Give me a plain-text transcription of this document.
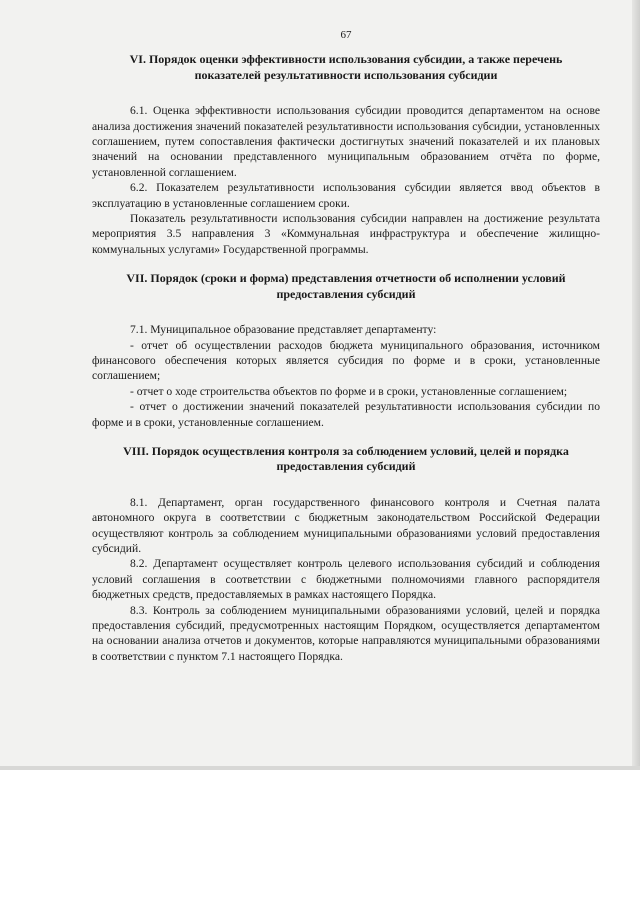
67
VI. Порядок оценки эффективности использования субсидии, а также перечень показателей результативности использования субсидии

6.1. Оценка эффективности использования субсидии проводится департаментом на основе анализа достижения значений показателей результативности использования субсидии, установленных соглашением, путем сопоставления фактически достигнутых значений показателей и их плановых значений на основании представленного муниципальным образованием отчёта по форме, установленной соглашением.

6.2. Показателем результативности использования субсидии является ввод объектов в эксплуатацию в установленные соглашением сроки.

Показатель результативности использования субсидии направлен на достижение результата мероприятия 3.5 направления 3 «Коммунальная инфраструктура и обеспечение жилищно-коммунальных услугами» Государственной программы.

VII. Порядок (сроки и форма) представления отчетности об исполнении условий предоставления субсидий

7.1. Муниципальное образование представляет департаменту:

- отчет об осуществлении расходов бюджета муниципального образования, источником финансового обеспечения которых является субсидия по форме и в сроки, установленные соглашением;

- отчет о ходе строительства объектов по форме и в сроки, установленные соглашением;

- отчет о достижении значений показателей результативности использования субсидии по форме и в сроки, установленные соглашением.

VIII. Порядок осуществления контроля за соблюдением условий, целей и порядка предоставления субсидий

8.1. Департамент, орган государственного финансового контроля и Счетная палата автономного округа в соответствии с бюджетным законодательством Российской Федерации осуществляют контроль за соблюдением муниципальными образованиями условий предоставления субсидий.

8.2. Департамент осуществляет контроль целевого использования субсидий и соблюдения условий соглашения в соответствии с бюджетными полномочиями главного распорядителя бюджетных средств, предоставляемых в рамках настоящего Порядка.

8.3. Контроль за соблюдением муниципальными образованиями условий, целей и порядка предоставления субсидий, предусмотренных настоящим Порядком, осуществляется департаментом на основании анализа отчетов и документов, которые направляются муниципальными образованиями в соответствии с пунктом 7.1 настоящего Порядка.
